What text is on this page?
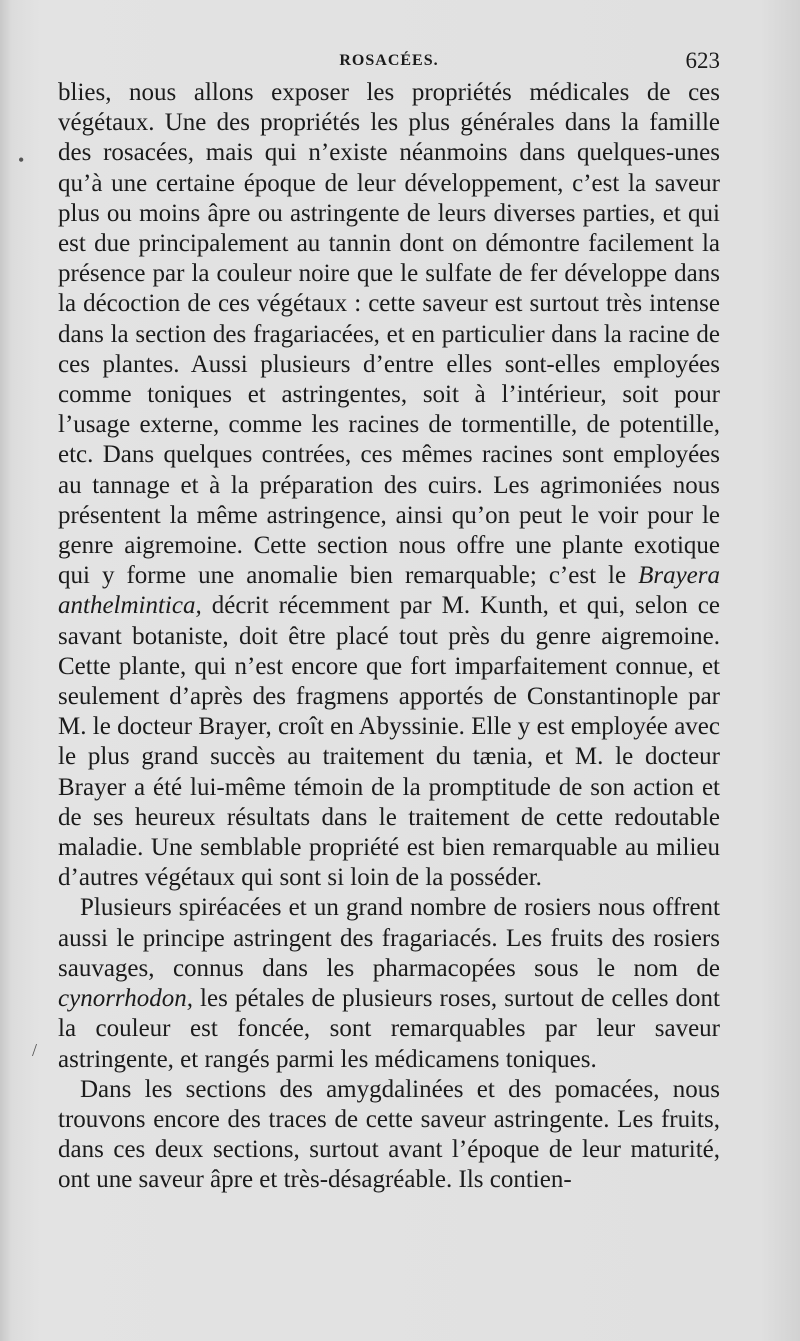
ROSACÉES.	623

blies, nous allons exposer les propriétés médicales de ces végétaux. Une des propriétés les plus générales dans la famille des rosacées, mais qui n’existe néanmoins dans quelques-unes qu’à une certaine époque de leur développement, c’est la saveur plus ou moins âpre ou astringente de leurs diverses parties, et qui est due principalement au tannin dont on démontre facilement la présence par la couleur noire que le sulfate de fer développe dans la décoction de ces végétaux : cette saveur est surtout très intense dans la section des fragariacées, et en particulier dans la racine de ces plantes. Aussi plusieurs d’entre elles sont-elles employées comme toniques et astringentes, soit à l’intérieur, soit pour l’usage externe, comme les racines de tormentille, de potentille, etc. Dans quelques contrées, ces mêmes racines sont employées au tannage et à la préparation des cuirs. Les agrimoniées nous présentent la même astringence, ainsi qu’on peut le voir pour le genre aigremoine. Cette section nous offre une plante exotique qui y forme une anomalie bien remarquable; c’est le Brayera anthelmintica, décrit récemment par M. Kunth, et qui, selon ce savant botaniste, doit être placé tout près du genre aigremoine. Cette plante, qui n’est encore que fort imparfaitement connue, et seulement d’après des fragmens apportés de Constantinople par M. le docteur Brayer, croît en Abyssinie. Elle y est employée avec le plus grand succès au traitement du tænia, et M. le docteur Brayer a été lui-même témoin de la promptitude de son action et de ses heureux résultats dans le traitement de cette redoutable maladie. Une semblable propriété est bien remarquable au milieu d’autres végétaux qui sont si loin de la posséder.

Plusieurs spiréacées et un grand nombre de rosiers nous offrent aussi le principe astringent des fragariacés. Les fruits des rosiers sauvages, connus dans les pharmacopées sous le nom de cynorrhodon, les pétales de plusieurs roses, surtout de celles dont la couleur est foncée, sont remarquables par leur saveur astringente, et rangés parmi les médicamens toniques.

Dans les sections des amygdalinées et des pomacées, nous trouvons encore des traces de cette saveur astringente. Les fruits, dans ces deux sections, surtout avant l’époque de leur maturité, ont une saveur âpre et très-désagréable. Ils contien-

•
/
